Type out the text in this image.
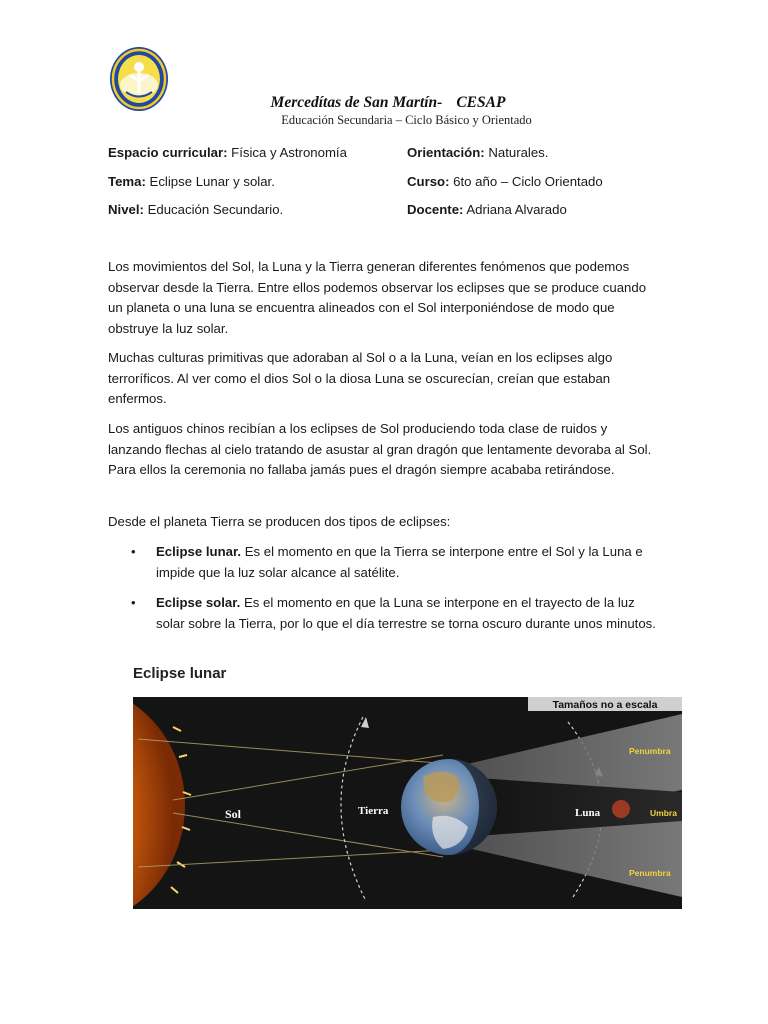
Mercedítas de San Martín- CESAP
Educación Secundaria – Ciclo Básico y Orientado
Espacio curricular: Física y Astronomía	Orientación: Naturales.
Tema: Eclipse Lunar y solar.	Curso: 6to año – Ciclo Orientado
Nivel: Educación Secundario.	Docente: Adriana Alvarado
Los movimientos del Sol, la Luna y la Tierra generan diferentes fenómenos que podemos observar desde la Tierra. Entre ellos podemos observar los eclipses que se produce cuando un planeta o una luna se encuentra alineados con el Sol interponiéndose de modo que obstruye la luz solar.
Muchas culturas primitivas que adoraban al Sol o a la Luna, veían en los eclipses algo terroríficos. Al ver como el dios Sol o la diosa Luna se oscurecían, creían que estaban enfermos.
Los antiguos chinos recibían a los eclipses de Sol produciendo toda clase de ruidos y lanzando flechas al cielo tratando de asustar al gran dragón que lentamente devoraba al Sol. Para ellos la ceremonia no fallaba jamás pues el dragón siempre acababa retirándose.
Desde el planeta Tierra se producen dos tipos de eclipses:
• Eclipse lunar. Es el momento en que la Tierra se interpone entre el Sol y la Luna e impide que la luz solar alcance al satélite.
• Eclipse solar. Es el momento en que la Luna se interpone en el trayecto de la luz solar sobre la Tierra, por lo que el día terrestre se torna oscuro durante unos minutos.
Eclipse lunar
Tamaños no a escala
Sol	Tierra	Luna
Penumbra
Umbra
Penumbra
